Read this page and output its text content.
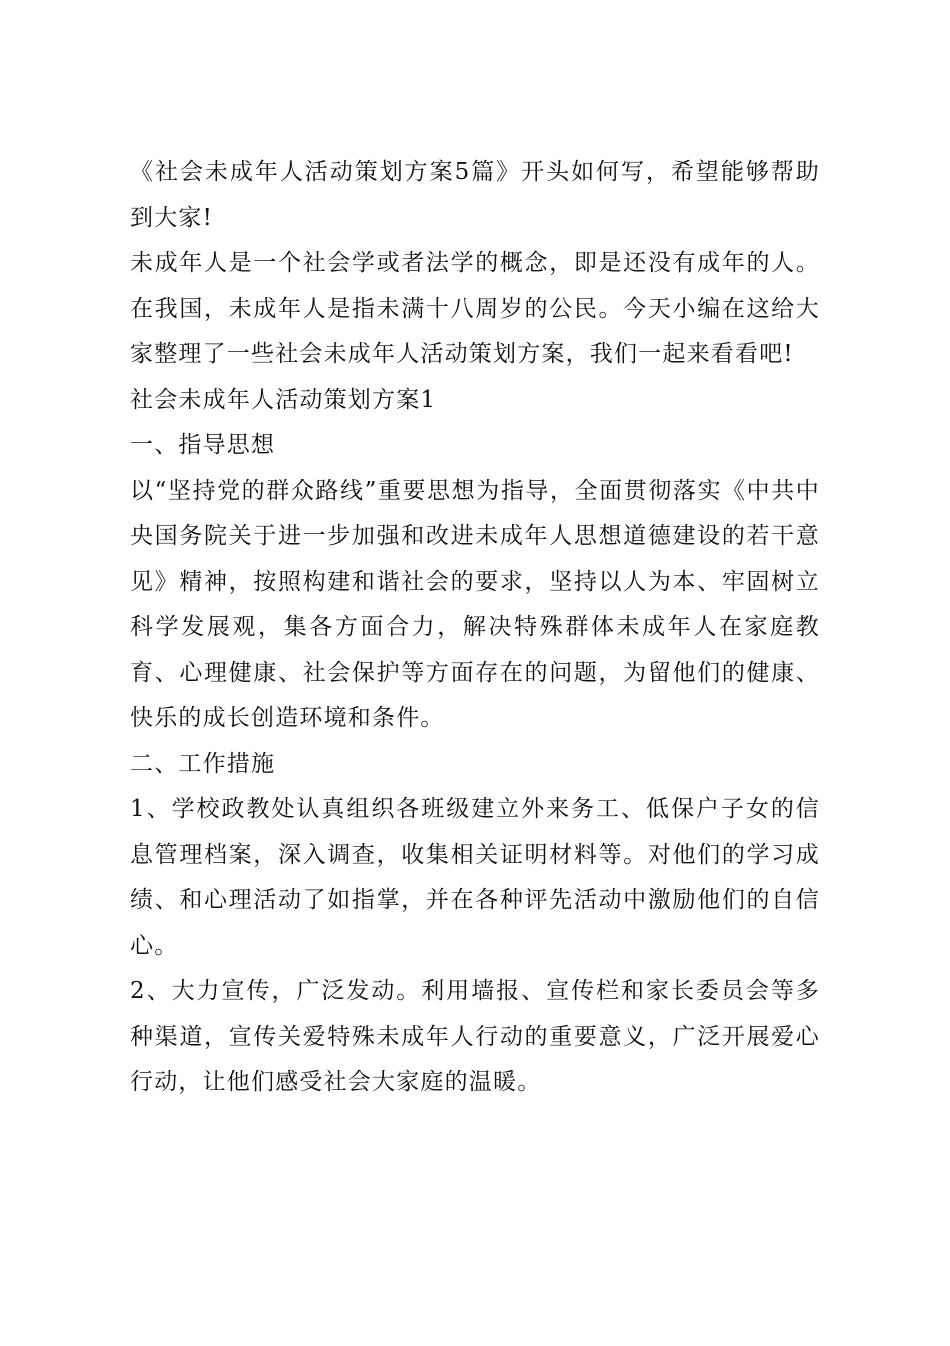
《社会未成年人活动策划方案5篇》开头如何写，希望能够帮助到大家!

未成年人是一个社会学或者法学的概念，即是还没有成年的人。在我国，未成年人是指未满十八周岁的公民。今天小编在这给大家整理了一些社会未成年人活动策划方案，我们一起来看看吧!

社会未成年人活动策划方案1

一、指导思想

以“坚持党的群众路线”重要思想为指导，全面贯彻落实《中共中央国务院关于进一步加强和改进未成年人思想道德建设的若干意见》精神，按照构建和谐社会的要求，坚持以人为本、牢固树立科学发展观，集各方面合力，解决特殊群体未成年人在家庭教育、心理健康、社会保护等方面存在的问题，为留他们的健康、快乐的成长创造环境和条件。

二、工作措施

1、学校政教处认真组织各班级建立外来务工、低保户子女的信息管理档案，深入调查，收集相关证明材料等。对他们的学习成绩、和心理活动了如指掌，并在各种评先活动中激励他们的自信心。

2、大力宣传，广泛发动。利用墙报、宣传栏和家长委员会等多种渠道，宣传关爱特殊未成年人行动的重要意义，广泛开展爱心行动，让他们感受社会大家庭的温暖。
